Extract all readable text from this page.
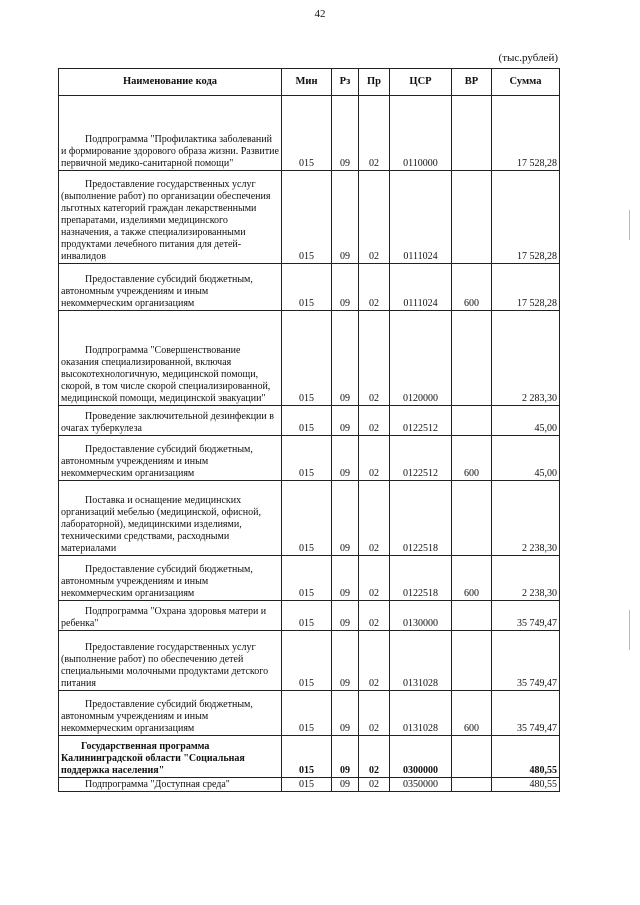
42
(тыс.рублей)
Наименование кода	Мин	Рз	Пр	ЦСР	ВР	Сумма
Подпрограмма "Профилактика заболеваний и формирование здорового образа жизни. Развитие первичной медико-санитарной помощи"	015	09	02	0110000		17 528,28
Предоставление государственных услуг (выполнение работ) по организации обеспечения льготных категорий граждан лекарственными препаратами, изделиями медицинского назначения, а также специализированными продуктами лечебного питания для детей-инвалидов	015	09	02	0111024		17 528,28
Предоставление субсидий бюджетным, автономным учреждениям и иным некоммерческим организациям	015	09	02	0111024	600	17 528,28
Подпрограмма "Совершенствование оказания специализированной, включая высокотехнологичную, медицинской помощи, скорой, в том числе скорой специализированной, медицинской помощи, медицинской эвакуации"	015	09	02	0120000		2 283,30
Проведение заключительной дезинфекции в очагах туберкулеза	015	09	02	0122512		45,00
Предоставление субсидий бюджетным, автономным учреждениям и иным некоммерческим организациям	015	09	02	0122512	600	45,00
Поставка и оснащение медицинских организаций мебелью (медицинской, офисной, лабораторной), медицинскими изделиями, техническими средствами, расходными материалами	015	09	02	0122518		2 238,30
Предоставление субсидий бюджетным, автономным учреждениям и иным некоммерческим организациям	015	09	02	0122518	600	2 238,30
Подпрограмма "Охрана здоровья матери и ребенка"	015	09	02	0130000		35 749,47
Предоставление государственных услуг (выполнение работ) по обеспечению детей специальными молочными продуктами детского питания	015	09	02	0131028		35 749,47
Предоставление субсидий бюджетным, автономным учреждениям и иным некоммерческим организациям	015	09	02	0131028	600	35 749,47
Государственная программа Калининградской области "Социальная поддержка населения"	015	09	02	0300000		480,55
Подпрограмма "Доступная среда"	015	09	02	0350000		480,55
